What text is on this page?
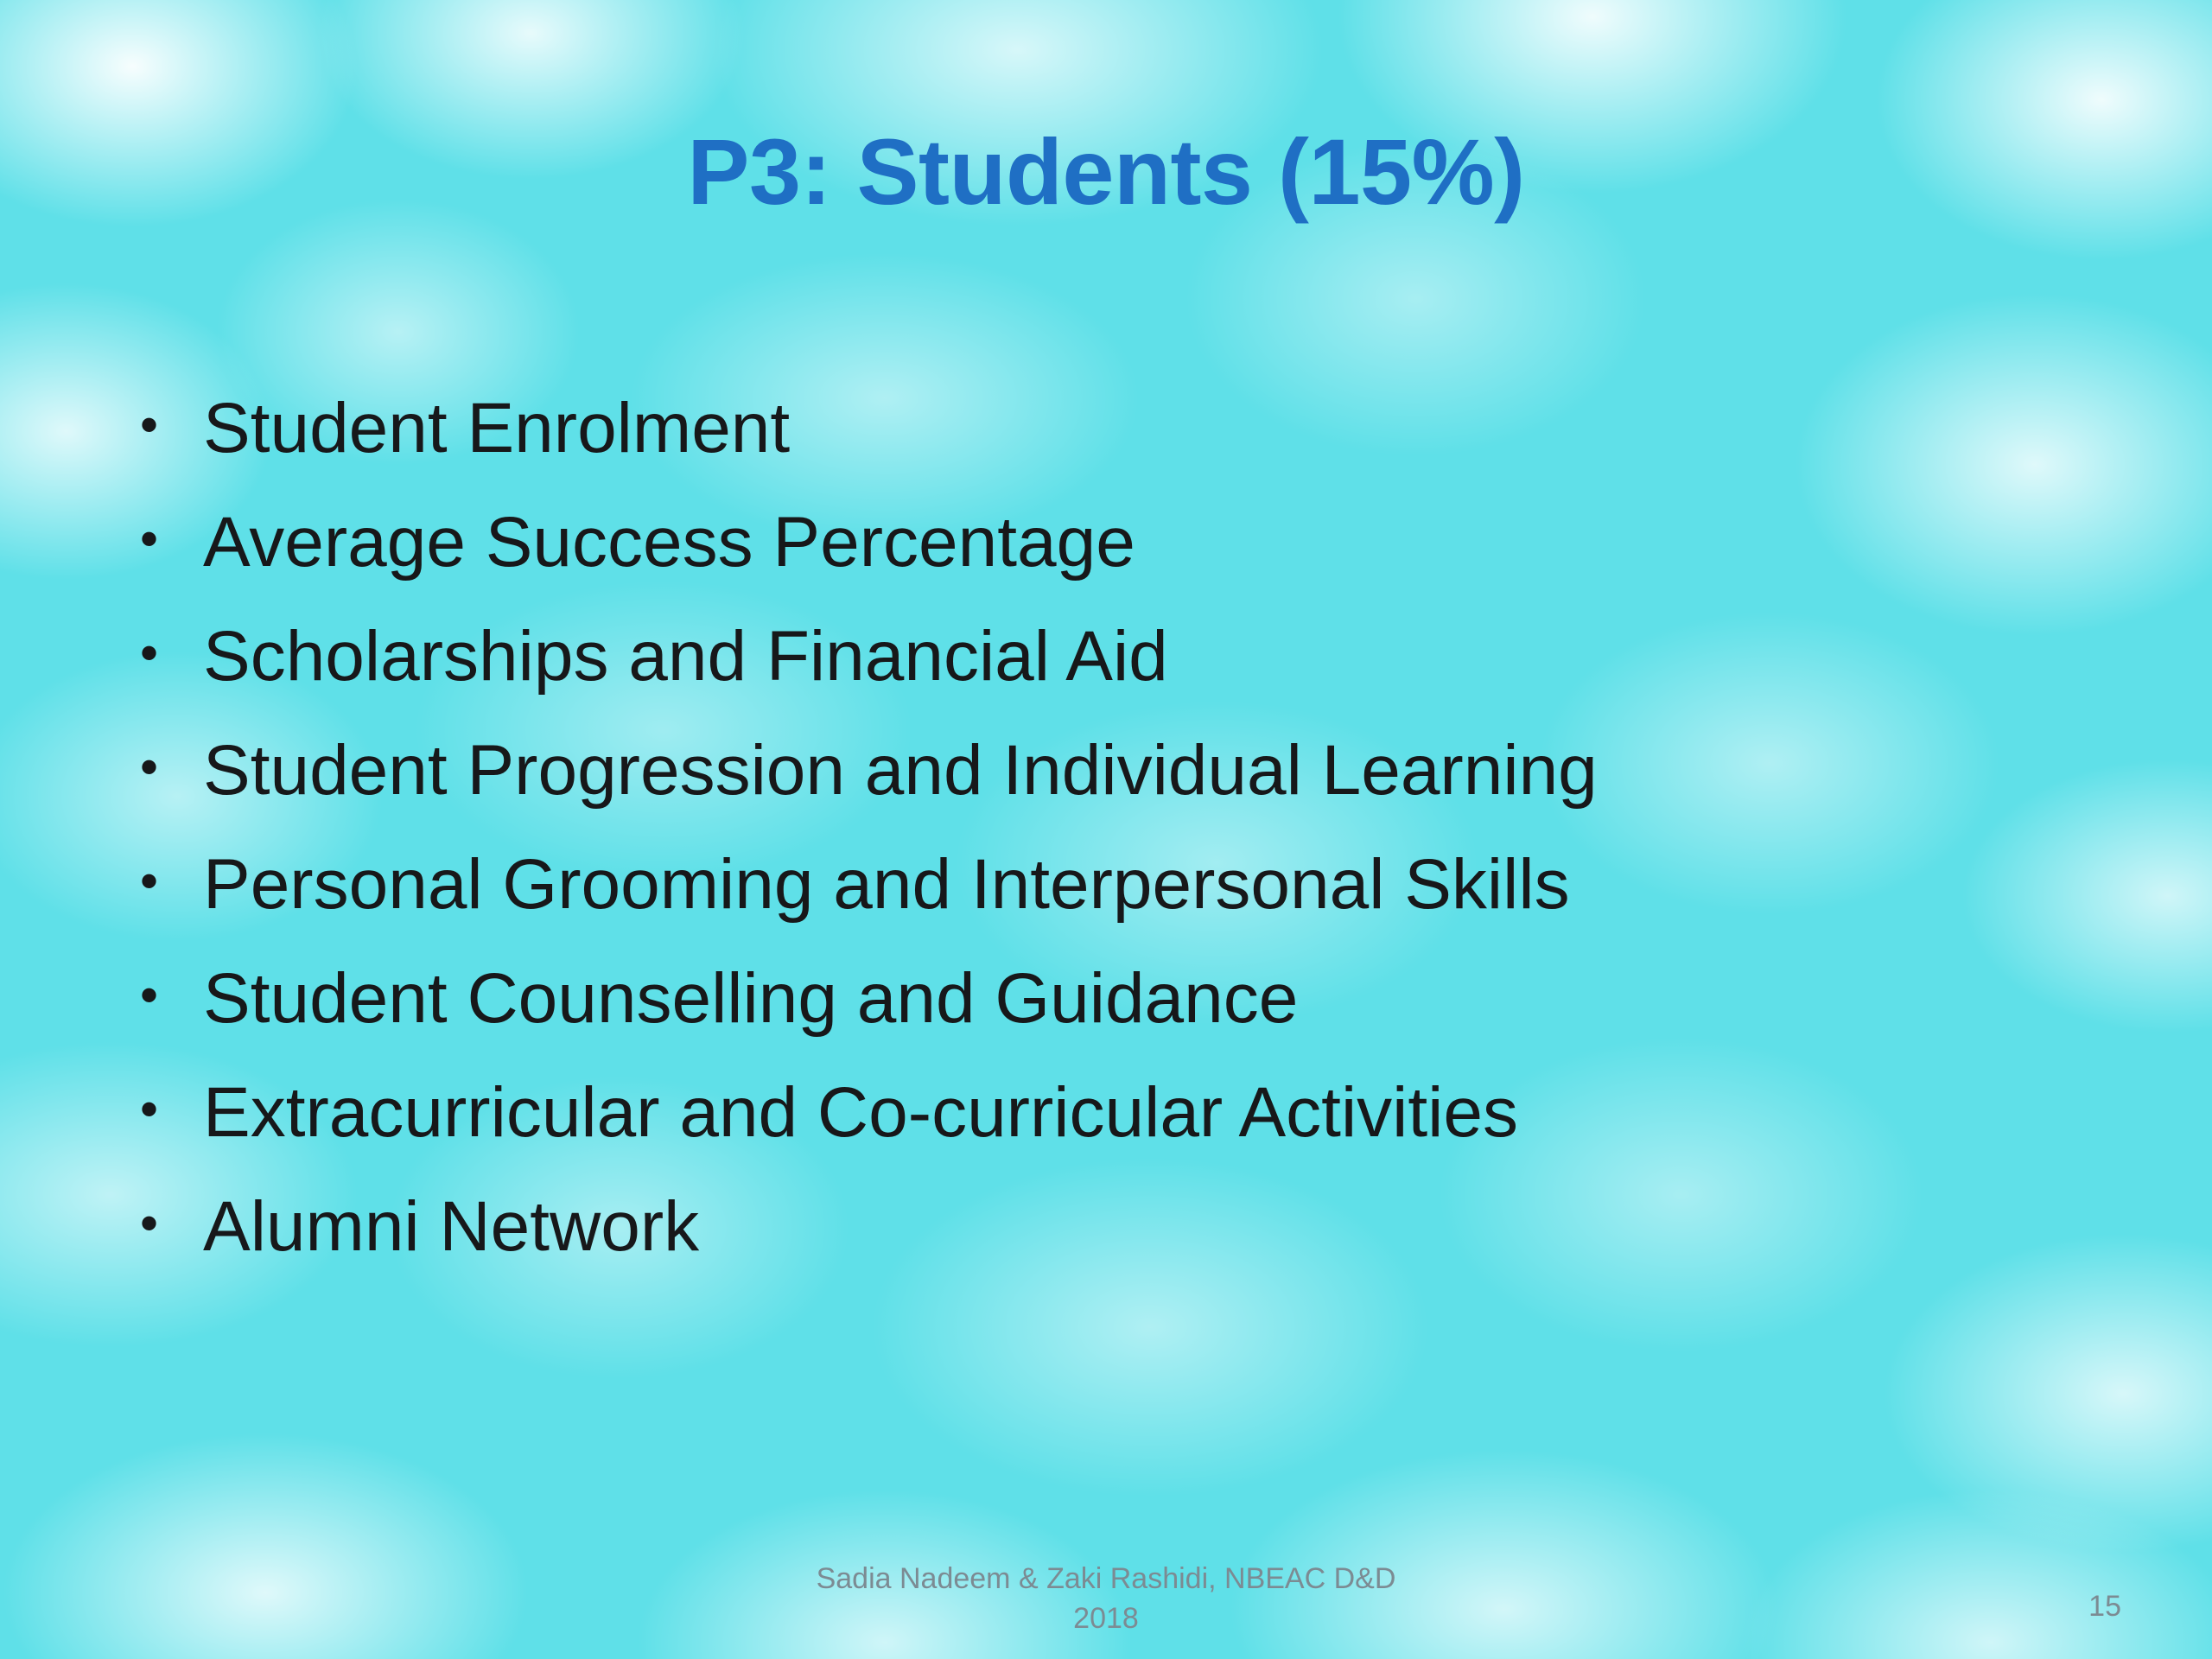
P3: Students (15%)
• Student Enrolment
• Average Success Percentage
• Scholarships and Financial Aid
• Student Progression and Individual Learning
• Personal Grooming and Interpersonal Skills
• Student Counselling and Guidance
• Extracurricular and Co-curricular Activities
• Alumni Network
Sadia Nadeem & Zaki Rashidi, NBEAC D&D
2018	15
